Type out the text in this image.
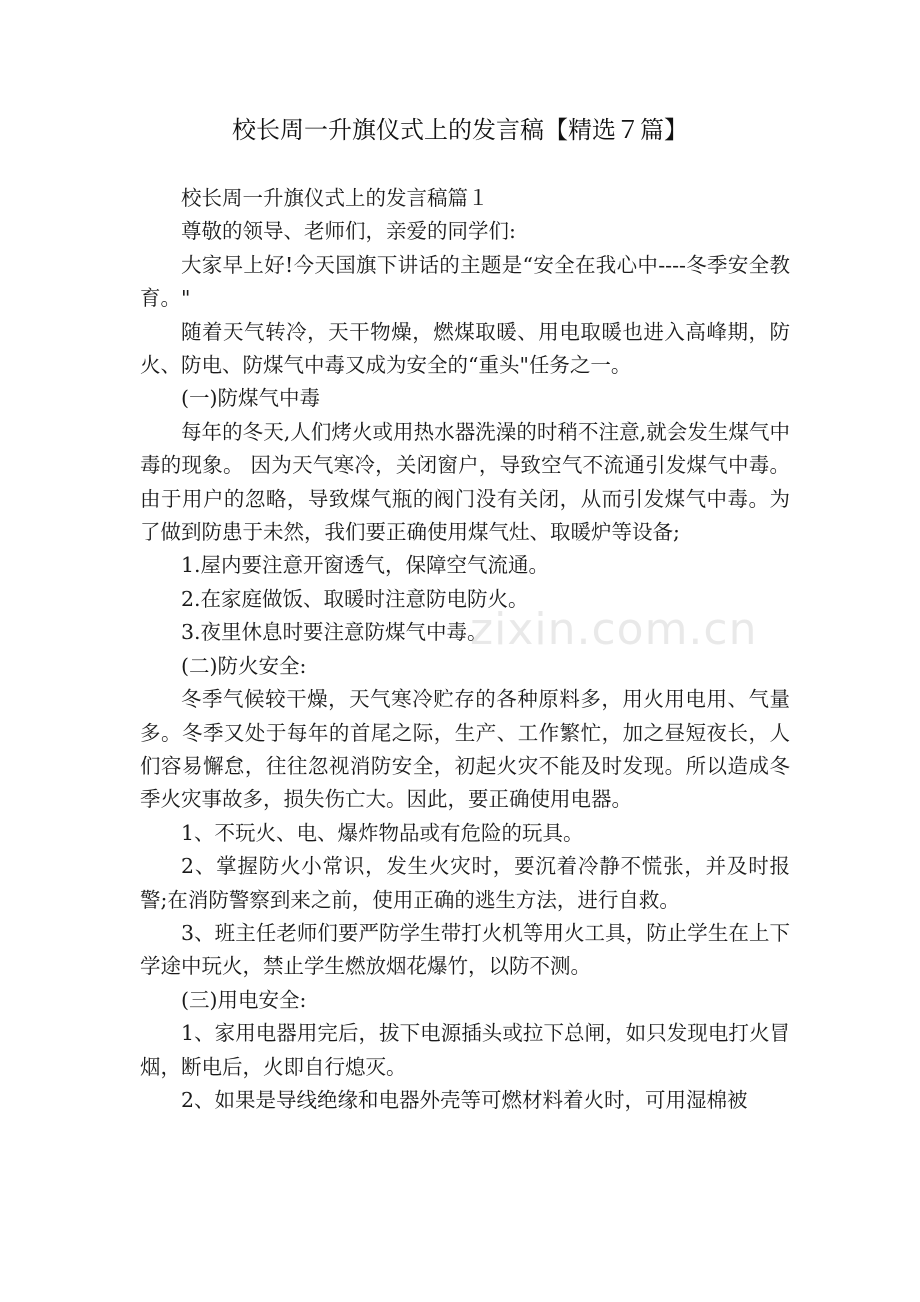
校长周一升旗仪式上的发言稿【精选７篇】

校长周一升旗仪式上的发言稿篇１

尊敬的领导、老师们，亲爱的同学们:

大家早上好!今天国旗下讲话的主题是“安全在我心中----冬季安全教育。"

随着天气转冷，天干物燥，燃煤取暖、用电取暖也进入高峰期，防火、防电、防煤气中毒又成为安全的“重头"任务之一。

(一)防煤气中毒

每年的冬天,人们烤火或用热水器洗澡的时稍不注意,就会发生煤气中毒的现象。 因为天气寒冷，关闭窗户，导致空气不流通引发煤气中毒。由于用户的忽略，导致煤气瓶的阀门没有关闭，从而引发煤气中毒。为了做到防患于未然，我们要正确使用煤气灶、取暖炉等设备;

1.屋内要注意开窗透气，保障空气流通。

2.在家庭做饭、取暖时注意防电防火。

3.夜里休息时要注意防煤气中毒。

(二)防火安全:

冬季气候较干燥，天气寒冷贮存的各种原料多，用火用电用、气量多。冬季又处于每年的首尾之际，生产、工作繁忙，加之昼短夜长，人们容易懈怠，往往忽视消防安全，初起火灾不能及时发现。所以造成冬季火灾事故多，损失伤亡大。因此，要正确使用电器。

1、不玩火、电、爆炸物品或有危险的玩具。

2、掌握防火小常识，发生火灾时，要沉着冷静不慌张，并及时报警;在消防警察到来之前，使用正确的逃生方法，进行自救。

3、班主任老师们要严防学生带打火机等用火工具，防止学生在上下学途中玩火，禁止学生燃放烟花爆竹，以防不测。

(三)用电安全:

1、家用电器用完后，拔下电源插头或拉下总闸，如只发现电打火冒烟，断电后，火即自行熄灭。

2、如果是导线绝缘和电器外壳等可燃材料着火时，可用湿棉被

zixin.com.cn
